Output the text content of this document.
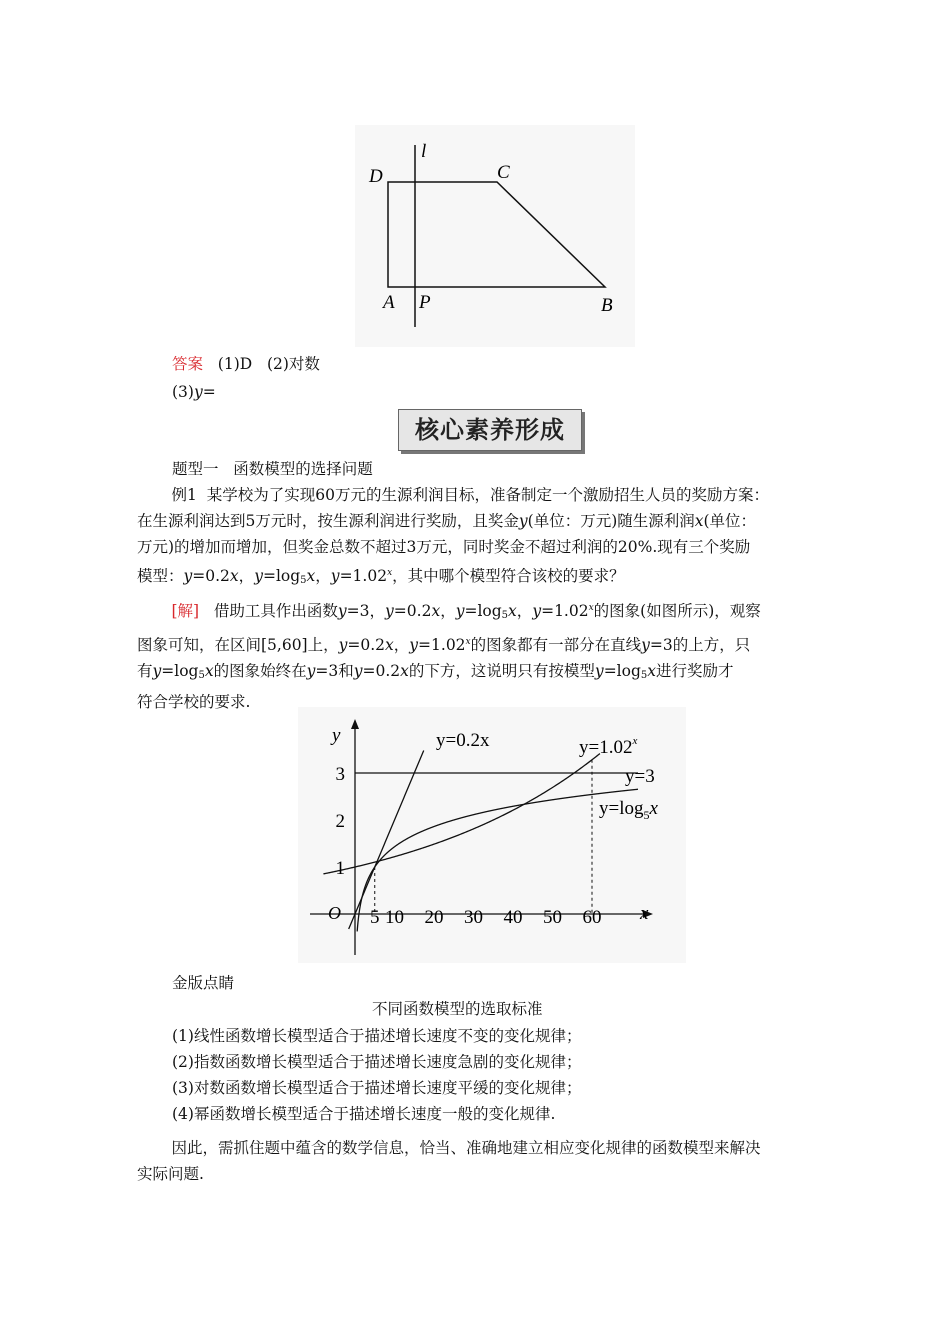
D	C
l
A P	B
答案 (1)D (2)对数
(3)y=
核心素养形成
题型一 函数模型的选择问题
例1 某学校为了实现60万元的生源利润目标，准备制定一个激励招生人员的奖励方案：
在生源利润达到5万元时，按生源利润进行奖励，且奖金y(单位：万元)随生源利润x(单位：
万元)的增加而增加，但奖金总数不超过3万元，同时奖金不超过利润的20%.现有三个奖励
模型：y=0.2x，$y=\log_5x$，$y=1.02^x$，其中哪个模型符合该校的要求？
[解] 借助工具作出函数y=3，y=0.2x，$y=\log_5x$，$y=1.02^x$的图象(如图所示)，观察
图象可知，在区间[5,60]上，y=0.2x，$y=1.02^x$的图象都有一部分在直线y=3的上方，只
有$y=\log_5x$的图象始终在y=3和y=0.2x的下方，这说明只有按模型$y=\log_5x$进行奖励才
符合学校的要求.
x
y
O 5 10 20 30 40 50 60
1
2
3
y=0.2x	$y=1.02^x$
y=3
$y=\log_5x$
金版点睛
不同函数模型的选取标准
(1)线性函数增长模型适合于描述增长速度不变的变化规律；
(2)指数函数增长模型适合于描述增长速度急剧的变化规律；
(3)对数函数增长模型适合于描述增长速度平缓的变化规律；
(4)幂函数增长模型适合于描述增长速度一般的变化规律.
因此，需抓住题中蕴含的数学信息，恰当、准确地建立相应变化规律的函数模型来解决
实际问题.
